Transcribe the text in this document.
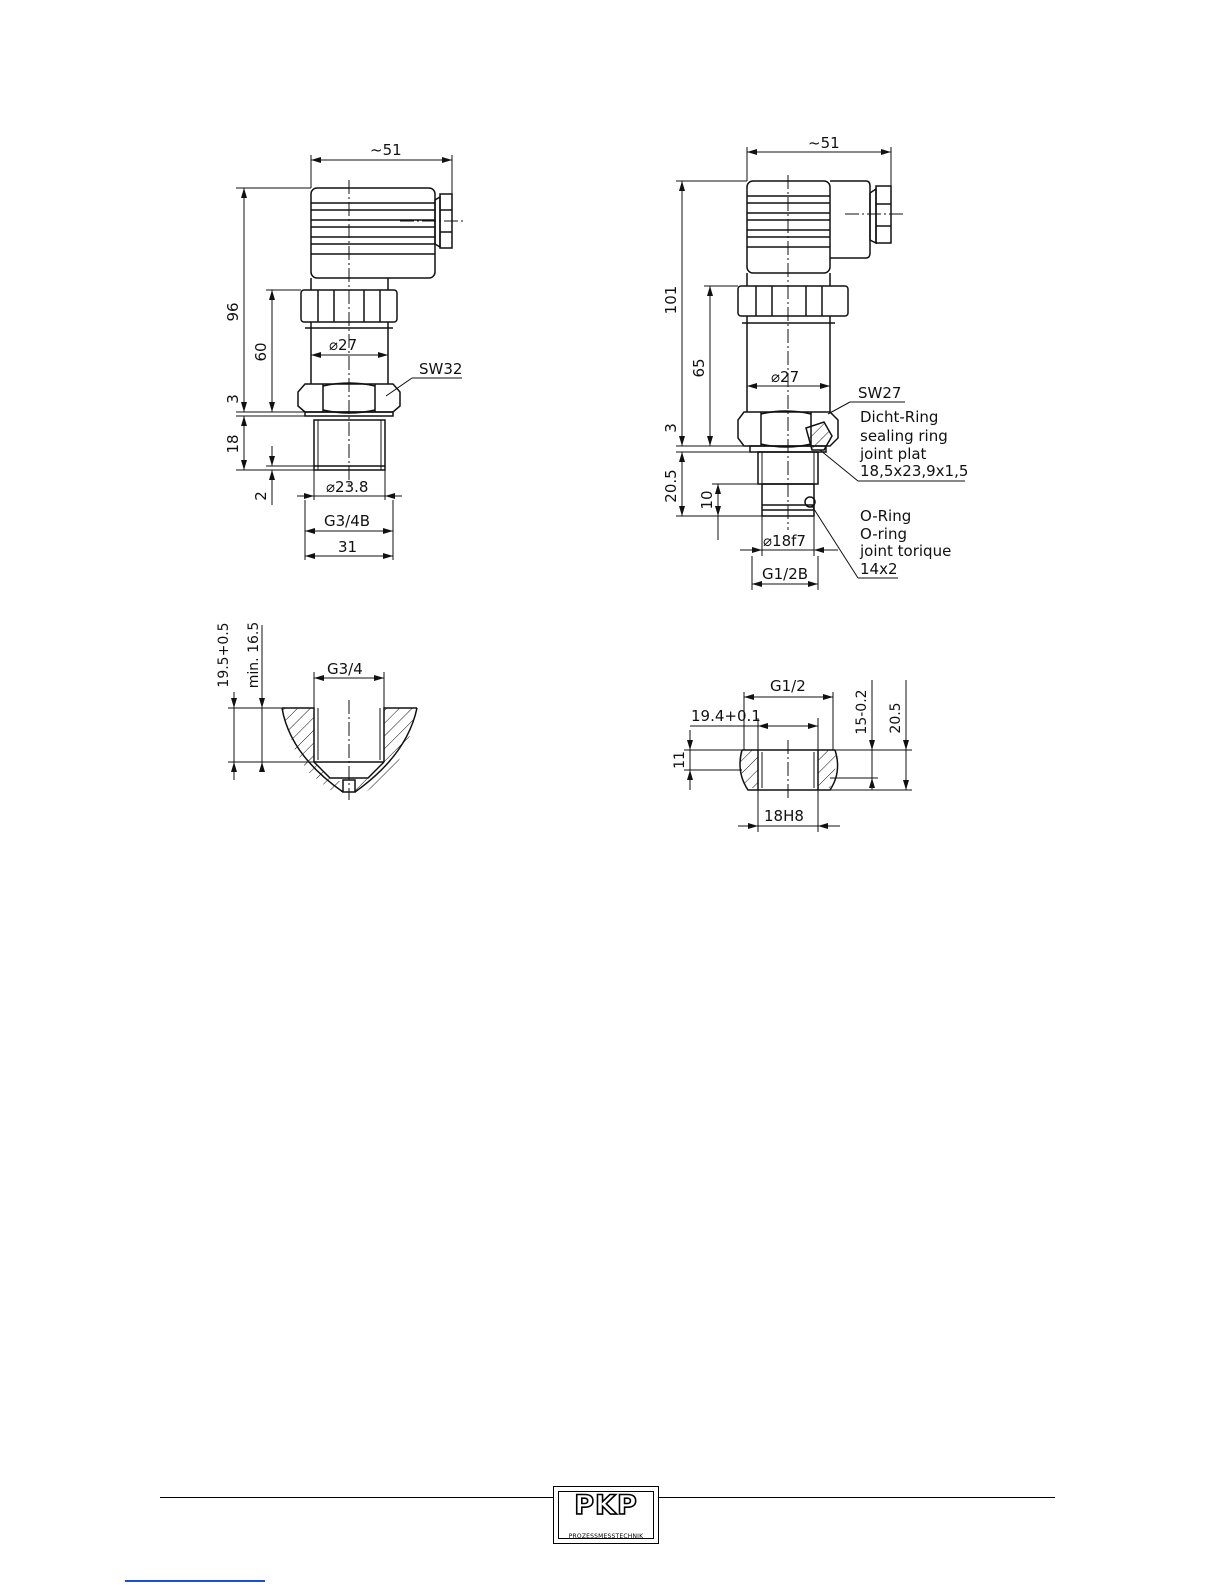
~51
96
60
3
18
2
⌀27
SW32
⌀23.8
G3/4B
31
~51
101
65
3
20.5 10
⌀27
SW27
Dicht-Ring
sealing ring
joint plat
18,5x23,9x1,5
O-Ring
O-ring
joint torique
14x2
⌀18f7
G1/2B
G3/4
19.5+0.5 min. 16.5	G1/2
19.4+0.1
11
15-0.2 20.5
18H8
PKP
PROZESSMESSTECHNIK
